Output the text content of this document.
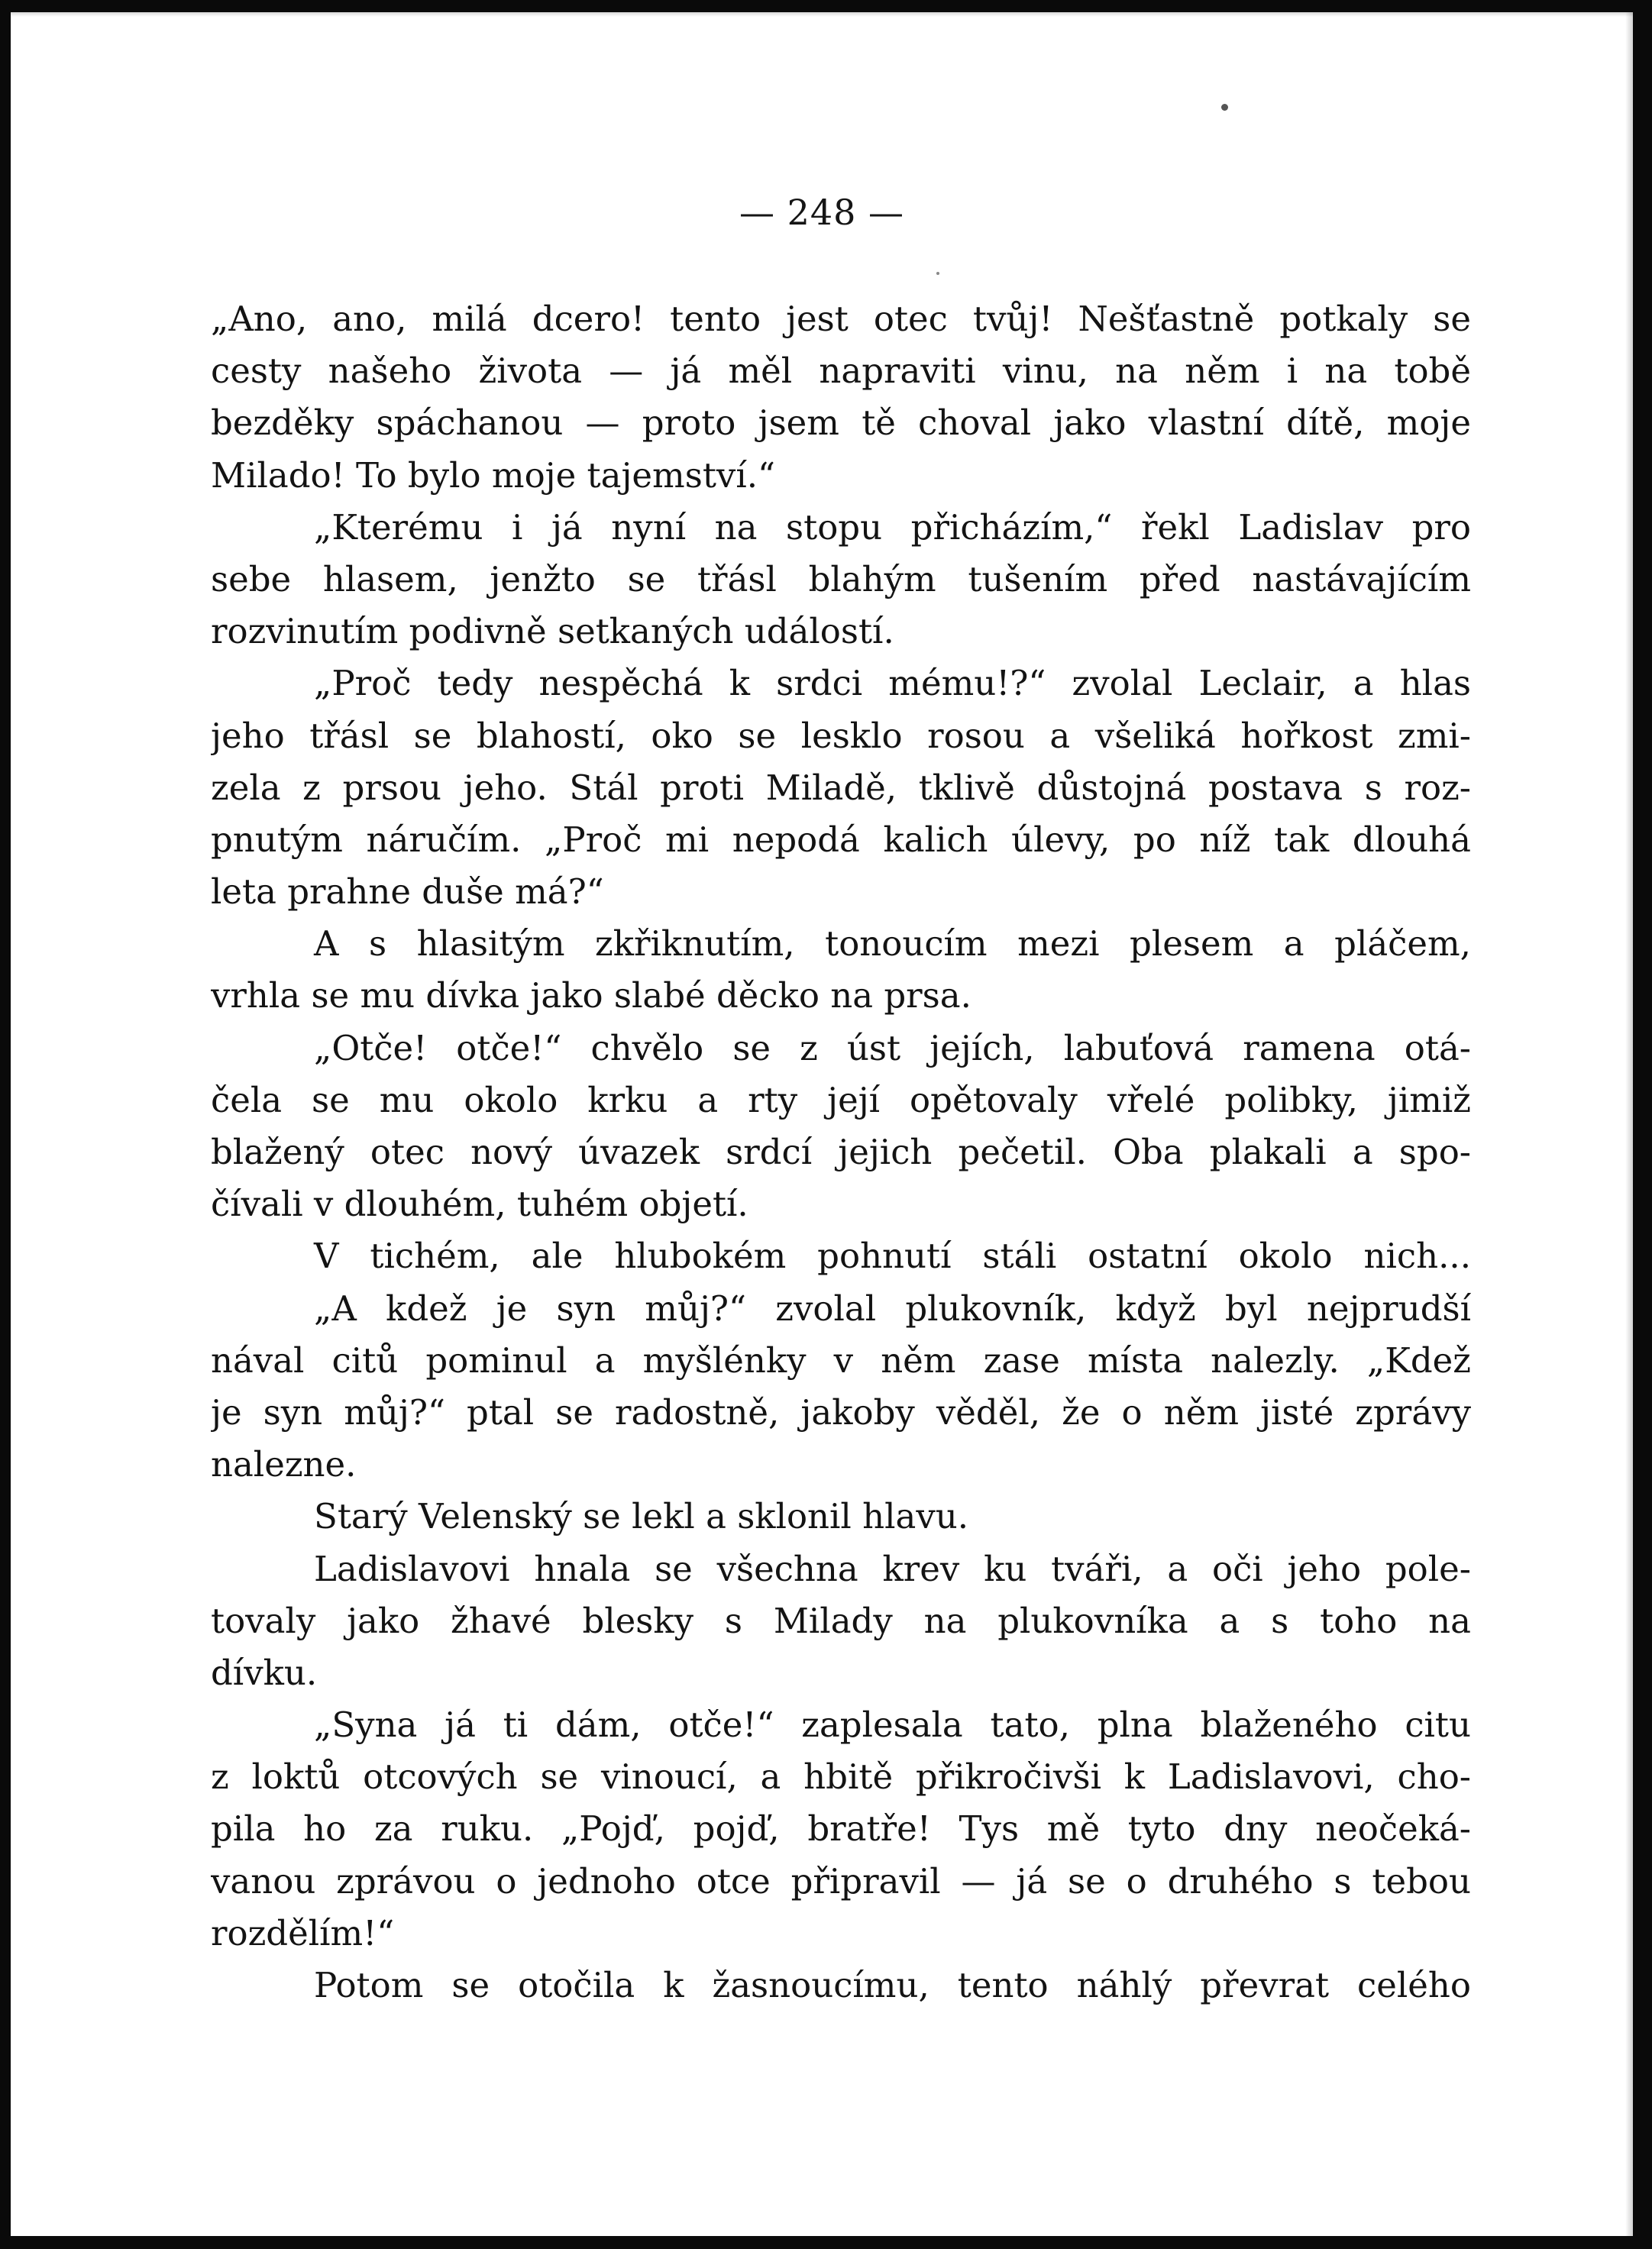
— 248 —
„Ano, ano, milá dcero! tento jest otec tvůj! Nešťastně potkaly se
cesty našeho života — já měl napraviti vinu, na něm i na tobě
bezděky spáchanou — proto jsem tě choval jako vlastní dítě, moje
Milado! To bylo moje tajemství.“
„Kterému i já nyní na stopu přicházím,“ řekl Ladislav pro
sebe hlasem, jenžto se třásl blahým tušením před nastávajícím
rozvinutím podivně setkaných událostí.
„Proč tedy nespěchá k srdci mému!?“ zvolal Leclair, a hlas
jeho třásl se blahostí, oko se lesklo rosou a všeliká hořkost zmi-
zela z prsou jeho. Stál proti Miladě, tklivě důstojná postava s roz-
pnutým náručím. „Proč mi nepodá kalich úlevy, po níž tak dlouhá
leta prahne duše má?“
A s hlasitým zkřiknutím, tonoucím mezi plesem a pláčem,
vrhla se mu dívka jako slabé děcko na prsa.
„Otče! otče!“ chvělo se z úst jejích, labuťová ramena otá-
čela se mu okolo krku a rty její opětovaly vřelé polibky, jimiž
blažený otec nový úvazek srdcí jejich pečetil. Oba plakali a spo-
čívali v dlouhém, tuhém objetí.
V tichém, ale hlubokém pohnutí stáli ostatní okolo nich...
„A kdež je syn můj?“ zvolal plukovník, když byl nejprudší
nával citů pominul a myšlénky v něm zase místa nalezly. „Kdež
je syn můj?“ ptal se radostně, jakoby věděl, že o něm jisté zprávy
nalezne.
Starý Velenský se lekl a sklonil hlavu.
Ladislavovi hnala se všechna krev ku tváři, a oči jeho pole-
tovaly jako žhavé blesky s Milady na plukovníka a s toho na
dívku.
„Syna já ti dám, otče!“ zaplesala tato, plna blaženého citu
z loktů otcových se vinoucí, a hbitě přikročivši k Ladislavovi, cho-
pila ho za ruku. „Pojď, pojď, bratře! Tys mě tyto dny neočeká-
vanou zprávou o jednoho otce připravil — já se o druhého s tebou
rozdělím!“
Potom se otočila k žasnoucímu, tento náhlý převrat celého
